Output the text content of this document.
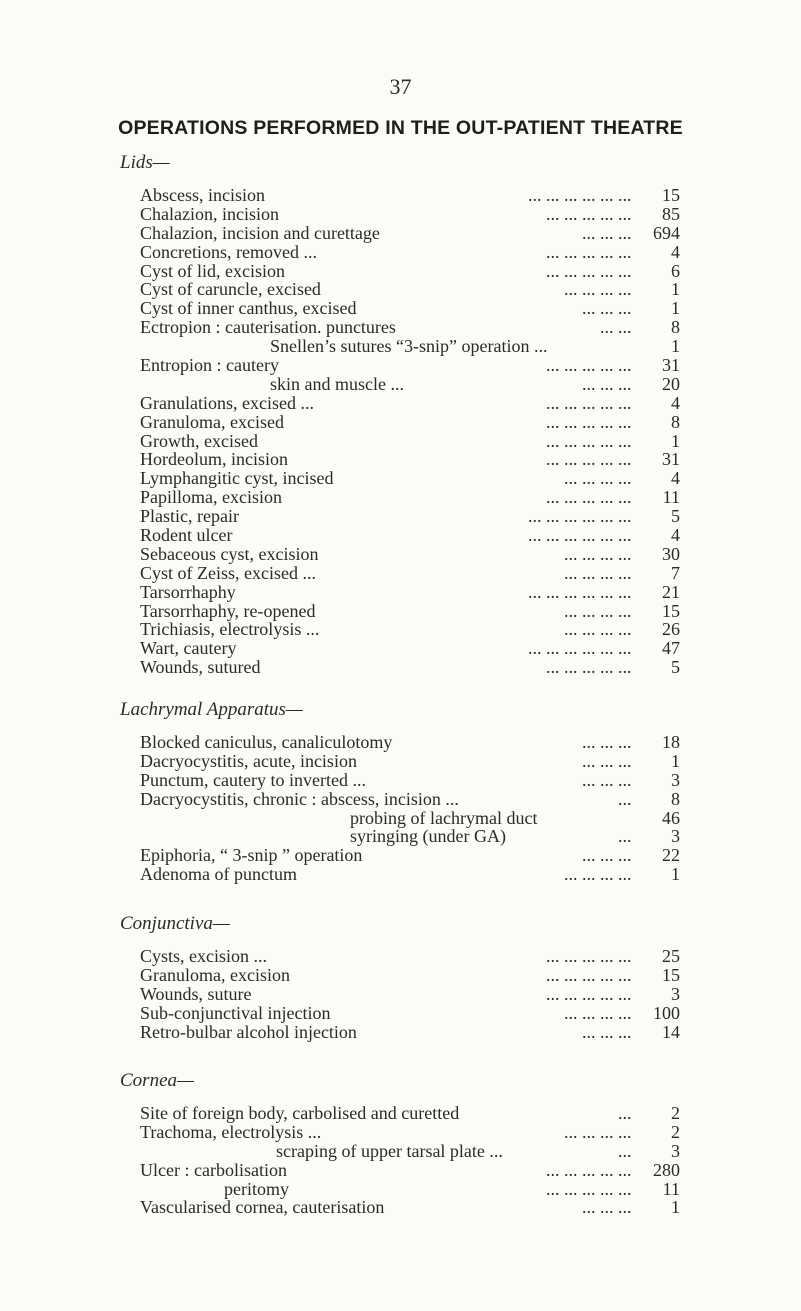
37
OPERATIONS PERFORMED IN THE OUT-PATIENT THEATRE
Lids—
Abscess, incision	... ... ... ... ... ... 15
Chalazion, incision	... ... ... ... ... 85
Chalazion, incision and curettage	... ... ... 694
Concretions, removed ...	... ... ... ... ... 4
Cyst of lid, excision	... ... ... ... ... 6
Cyst of caruncle, excised	... ... ... ... 1
Cyst of inner canthus, excised	... ... ... 1
Ectropion : cauterisation. punctures	... ... 8
Snellen’s sutures “3-snip” operation ...	1
Entropion : cautery	... ... ... ... ... 31
skin and muscle ...	... ... ... 20
Granulations, excised ...	... ... ... ... ... 4
Granuloma, excised	... ... ... ... ... 8
Growth, excised	... ... ... ... ... 1
Hordeolum, incision	... ... ... ... ... 31
Lymphangitic cyst, incised	... ... ... ... 4
Papilloma, excision	... ... ... ... ... 11
Plastic, repair	... ... ... ... ... ... 5
Rodent ulcer	... ... ... ... ... ... 4
Sebaceous cyst, excision	... ... ... ... 30
Cyst of Zeiss, excised ...	... ... ... ... 7
Tarsorrhaphy	... ... ... ... ... ... 21
Tarsorrhaphy, re-opened	... ... ... ... 15
Trichiasis, electrolysis ...	... ... ... ... 26
Wart, cautery	... ... ... ... ... ... 47
Wounds, sutured	... ... ... ... ... 5
Lachrymal Apparatus—
Blocked caniculus, canaliculotomy	... ... ... 18
Dacryocystitis, acute, incision	... ... ... 1
Punctum, cautery to inverted ...	... ... ... 3
Dacryocystitis, chronic : abscess, incision ...	... 8
probing of lachrymal duct	46
syringing (under GA)	... 3
Epiphoria, “ 3-snip ” operation	... ... ... 22
Adenoma of punctum	... ... ... ... 1
Conjunctiva—
Cysts, excision ...	... ... ... ... ... 25
Granuloma, excision	... ... ... ... ... 15
Wounds, suture	... ... ... ... ... 3
Sub-conjunctival injection	... ... ... ... 100
Retro-bulbar alcohol injection	... ... ... 14
Cornea—
Site of foreign body, carbolised and curetted	... 2
Trachoma, electrolysis ...	... ... ... ... 2
scraping of upper tarsal plate ...	... 3
Ulcer : carbolisation	... ... ... ... ... 280
peritomy	... ... ... ... ... 11
Vascularised cornea, cauterisation	... ... ... 1
